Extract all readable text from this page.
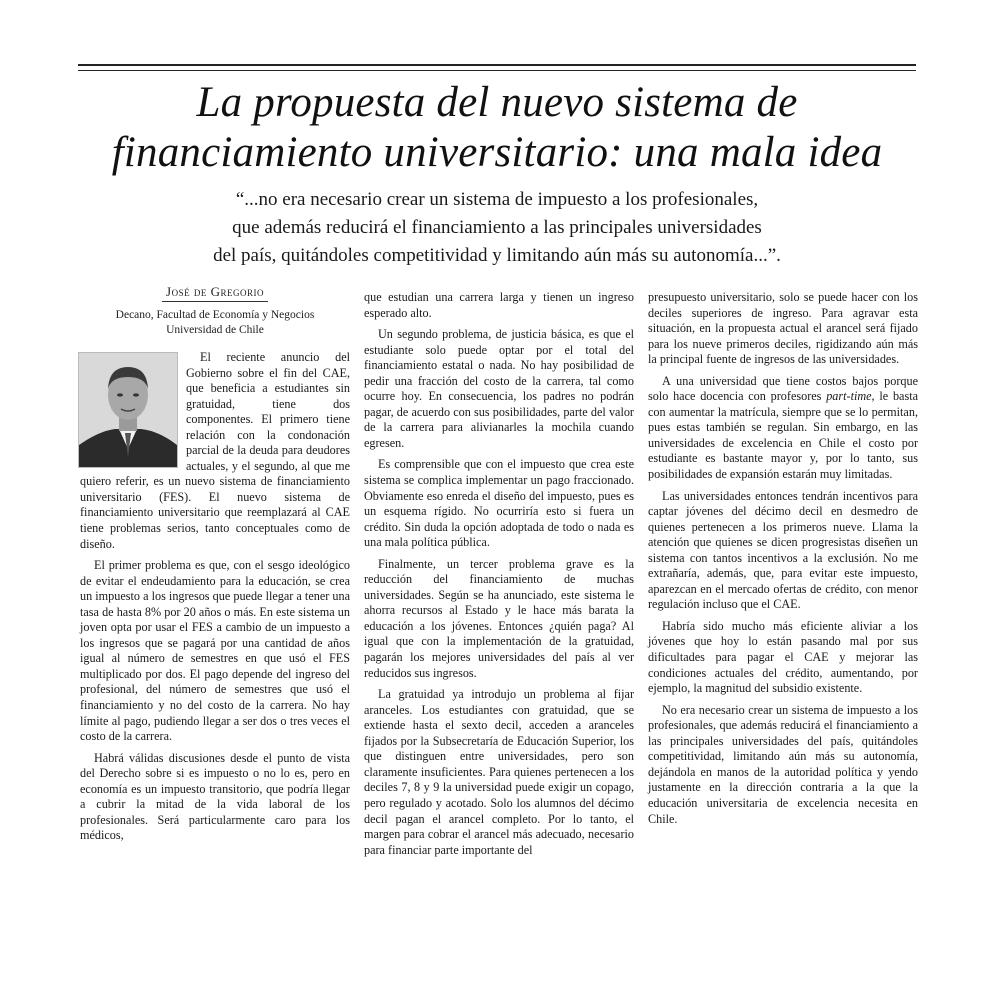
La propuesta del nuevo sistema de
financiamiento universitario: una mala idea
“...no era necesario crear un sistema de impuesto a los profesionales,
que además reducirá el financiamiento a las principales universidades
del país, quitándoles competitividad y limitando aún más su autonomía...”.
José de Gregorio
Decano, Facultad de Economía y Negocios
Universidad de Chile

El reciente anuncio del Gobierno sobre el fin del CAE, que beneficia a estudiantes sin gratuidad, tiene dos componentes. El primero tiene relación con la condonación parcial de la deuda para deudores actuales, y el segundo, al que me quiero referir, es un nuevo sistema de financiamiento universitario (FES). El nuevo sistema de financiamiento universitario que reemplazará al CAE tiene problemas serios, tanto conceptuales como de diseño.

El primer problema es que, con el sesgo ideológico de evitar el endeudamiento para la educación, se crea un impuesto a los ingresos que puede llegar a tener una tasa de hasta 8% por 20 años o más. En este sistema un joven opta por usar el FES a cambio de un impuesto a los ingresos que se pagará por una cantidad de años igual al número de semestres en que usó el FES multiplicado por dos. El pago depende del ingreso del profesional, del número de semestres que usó el financiamiento y no del costo de la carrera. No hay límite al pago, pudiendo llegar a ser dos o tres veces el costo de la carrera.

Habrá válidas discusiones desde el punto de vista del Derecho sobre si es impuesto o no lo es, pero en economía es un impuesto transitorio, que podría llegar a cubrir la mitad de la vida laboral de los profesionales. Será particularmente caro para los médicos,

que estudian una carrera larga y tienen un ingreso esperado alto.

Un segundo problema, de justicia básica, es que el estudiante solo puede optar por el total del financiamiento estatal o nada. No hay posibilidad de pedir una fracción del costo de la carrera, tal como ocurre hoy. En consecuencia, los padres no podrán pagar, de acuerdo con sus posibilidades, parte del valor de la carrera para alivianarles la mochila cuando egresen.

Es comprensible que con el impuesto que crea este sistema se complica implementar un pago fraccionado. Obviamente eso enreda el diseño del impuesto, pues es un esquema rígido. No ocurriría esto si fuera un crédito. Sin duda la opción adoptada de todo o nada es una mala política pública.

Finalmente, un tercer problema grave es la reducción del financiamiento de muchas universidades. Según se ha anunciado, este sistema le ahorra recursos al Estado y le hace más barata la educación a los jóvenes. Entonces ¿quién paga? Al igual que con la implementación de la gratuidad, pagarán los mejores universidades del país al ver reducidos sus ingresos.

La gratuidad ya introdujo un problema al fijar aranceles. Los estudiantes con gratuidad, que se extiende hasta el sexto decil, acceden a aranceles fijados por la Subsecretaría de Educación Superior, los que distinguen entre universidades, pero son claramente insuficientes. Para quienes pertenecen a los deciles 7, 8 y 9 la universidad puede exigir un copago, pero regulado y acotado. Solo los alumnos del décimo decil pagan el arancel completo. Por lo tanto, el margen para cobrar el arancel más adecuado, necesario para financiar parte importante del

presupuesto universitario, solo se puede hacer con los deciles superiores de ingreso. Para agravar esta situación, en la propuesta actual el arancel será fijado para los nueve primeros deciles, rigidizando aún más la principal fuente de ingresos de las universidades.

A una universidad que tiene costos bajos porque solo hace docencia con profesores part-time, le basta con aumentar la matrícula, siempre que se lo permitan, pues estas también se regulan. Sin embargo, en las universidades de excelencia en Chile el costo por estudiante es bastante mayor y, por lo tanto, sus posibilidades de expansión estarán muy limitadas.

Las universidades entonces tendrán incentivos para captar jóvenes del décimo decil en desmedro de quienes pertenecen a los primeros nueve. Llama la atención que quienes se dicen progresistas diseñen un sistema con tantos incentivos a la exclusión. No me extrañaría, además, que, para evitar este impuesto, aparezcan en el mercado ofertas de crédito, con menor regulación incluso que el CAE.

Habría sido mucho más eficiente aliviar a los jóvenes que hoy lo están pasando mal por sus dificultades para pagar el CAE y mejorar las condiciones actuales del crédito, aumentando, por ejemplo, la magnitud del subsidio existente.

No era necesario crear un sistema de impuesto a los profesionales, que además reducirá el financiamiento a las principales universidades del país, quitándoles competitividad, limitando aún más su autonomía, dejándola en manos de la autoridad política y yendo justamente en la dirección contraria a la que la educación universitaria de excelencia necesita en Chile.
